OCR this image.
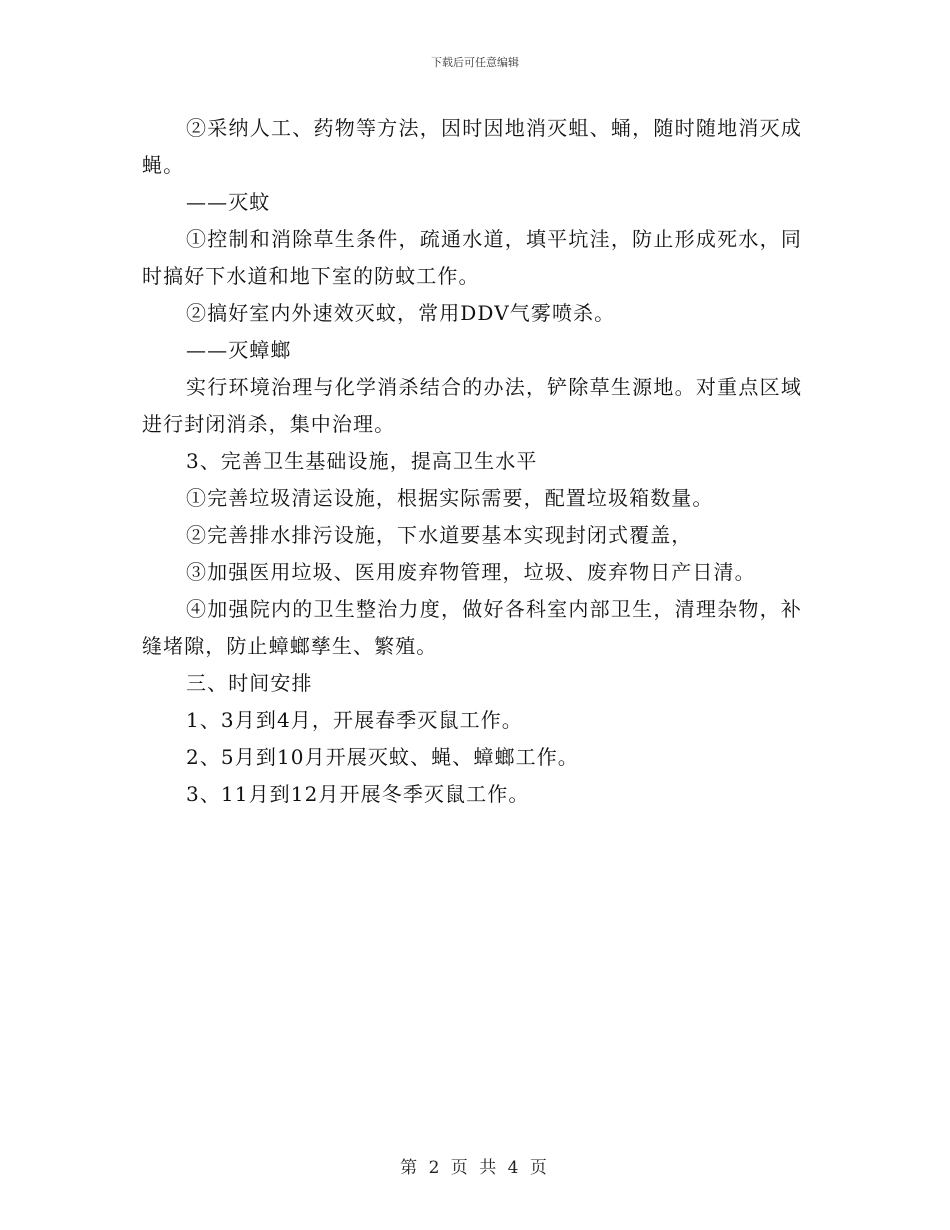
下载后可任意编辑

②采纳人工、药物等方法，因时因地消灭蛆、蛹，随时随地消灭成蝇。

——灭蚊

①控制和消除草生条件，疏通水道，填平坑洼，防止形成死水，同时搞好下水道和地下室的防蚊工作。

②搞好室内外速效灭蚊，常用DDV气雾喷杀。

——灭蟑螂

实行环境治理与化学消杀结合的办法，铲除草生源地。对重点区域进行封闭消杀，集中治理。

3、完善卫生基础设施，提高卫生水平

①完善垃圾清运设施，根据实际需要，配置垃圾箱数量。

②完善排水排污设施，下水道要基本实现封闭式覆盖，

③加强医用垃圾、医用废弃物管理，垃圾、废弃物日产日清。

④加强院内的卫生整治力度，做好各科室内部卫生，清理杂物，补缝堵隙，防止蟑螂孳生、繁殖。

三、时间安排

1、3月到4月，开展春季灭鼠工作。

2、5月到10月开展灭蚊、蝇、蟑螂工作。

3、11月到12月开展冬季灭鼠工作。

第 2 页 共 4 页
